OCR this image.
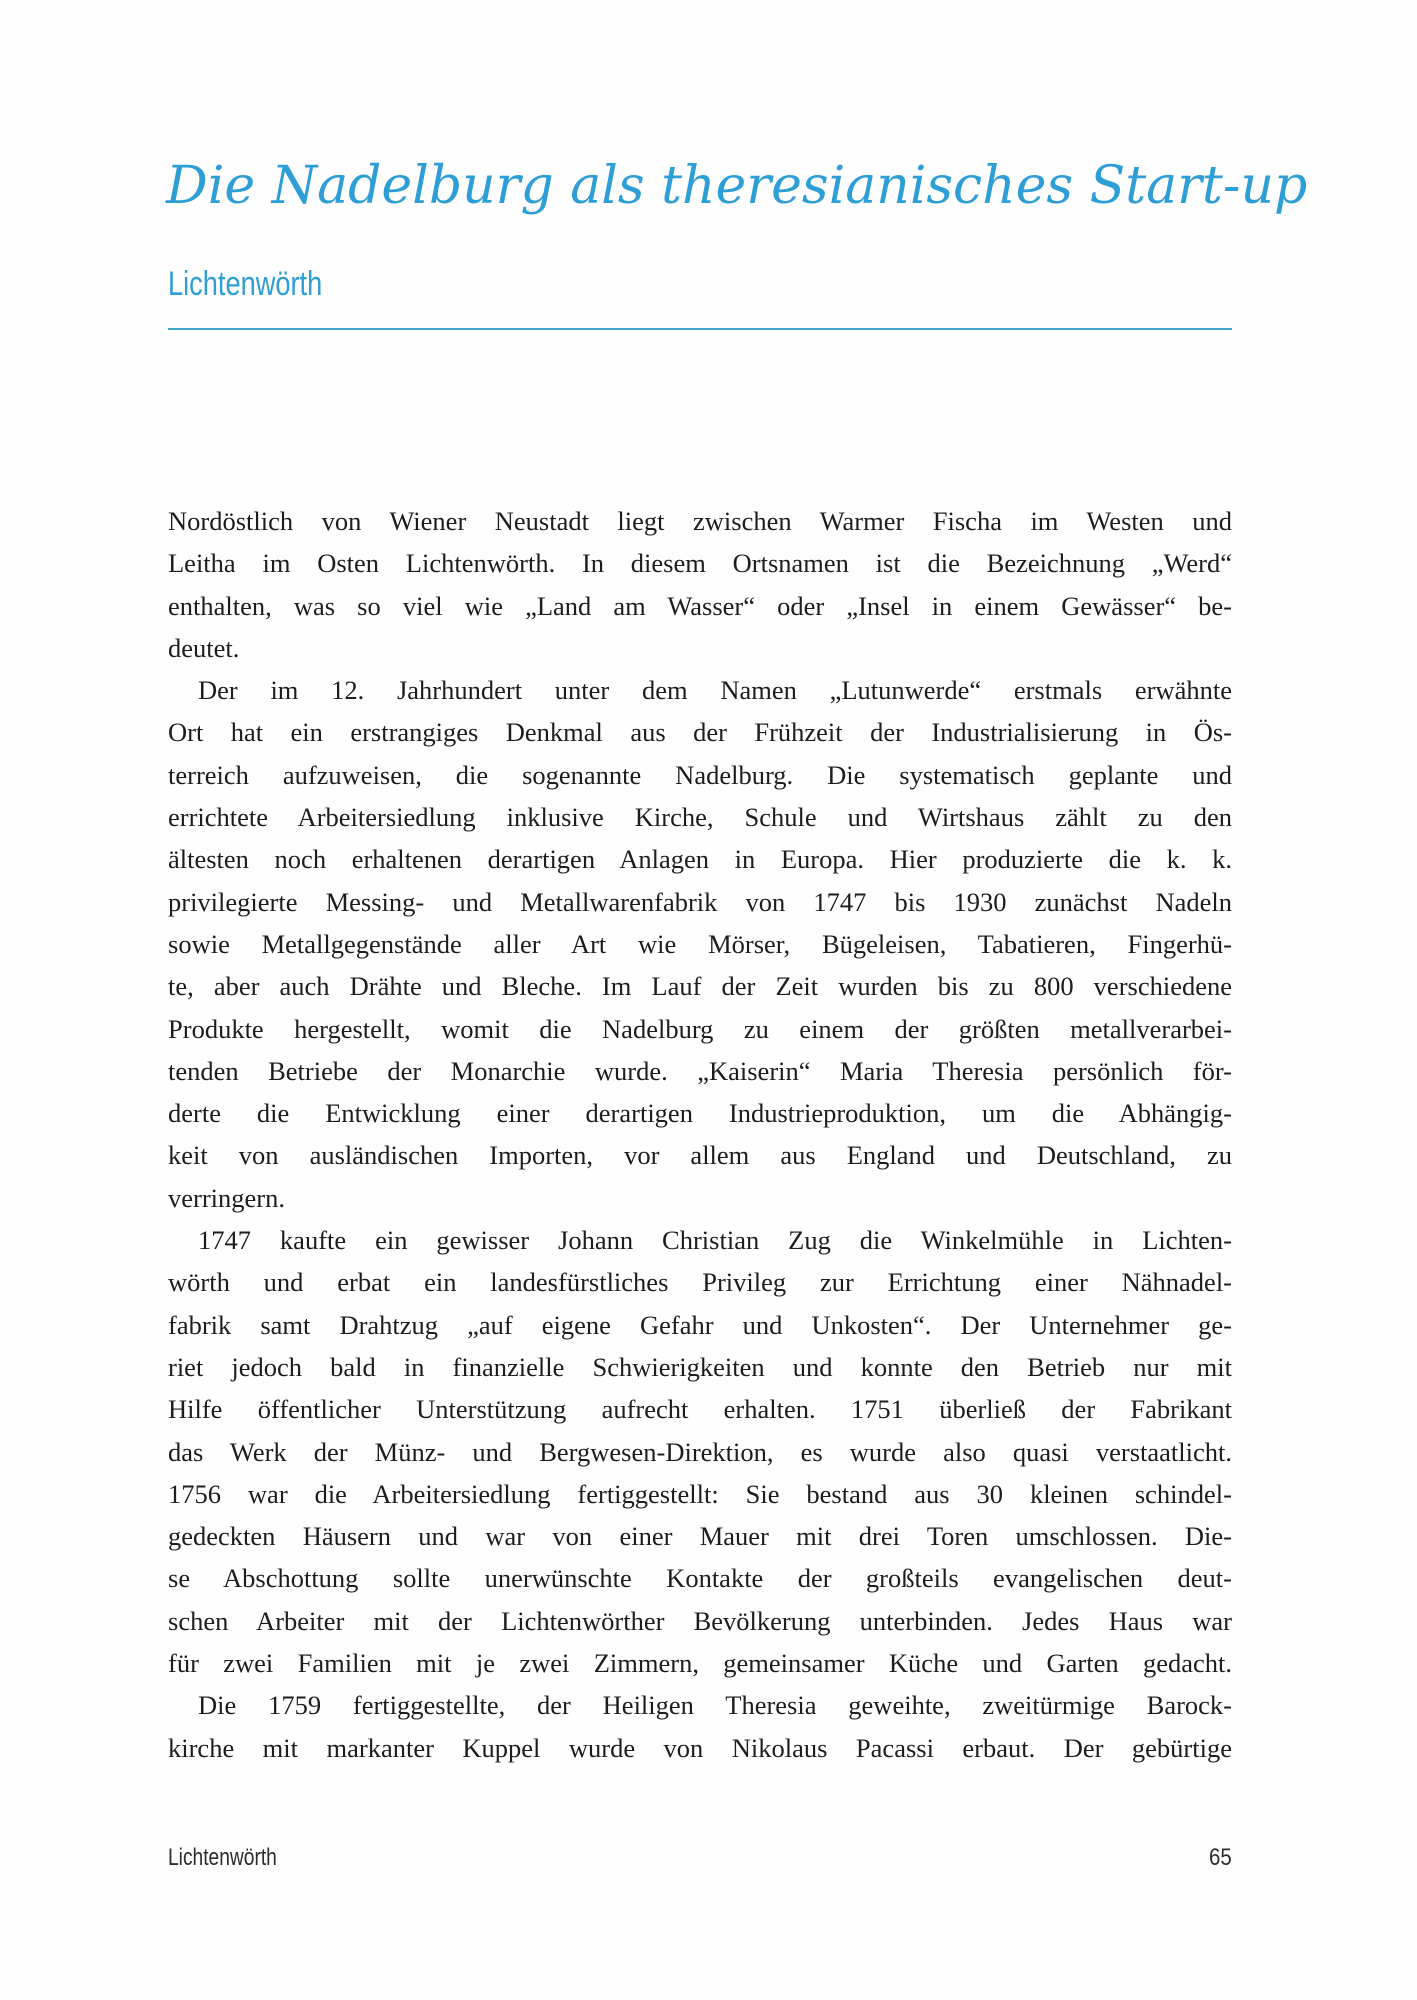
Die Nadelburg als theresianisches Start-up
Lichtenwörth
Nordöstlich von Wiener Neustadt liegt zwischen Warmer Fischa im Westen und
Leitha im Osten Lichtenwörth. In diesem Ortsnamen ist die Bezeichnung „Werd“
enthalten, was so viel wie „Land am Wasser“ oder „Insel in einem Gewässer“ be-
deutet.
Der im 12. Jahrhundert unter dem Namen „Lutunwerde“ erstmals erwähnte
Ort hat ein erstrangiges Denkmal aus der Frühzeit der Industrialisierung in Ös-
terreich aufzuweisen, die sogenannte Nadelburg. Die systematisch geplante und
errichtete Arbeitersiedlung inklusive Kirche, Schule und Wirtshaus zählt zu den
ältesten noch erhaltenen derartigen Anlagen in Europa. Hier produzierte die k. k.
privilegierte Messing- und Metallwarenfabrik von 1747 bis 1930 zunächst Nadeln
sowie Metallgegenstände aller Art wie Mörser, Bügeleisen, Tabatieren, Fingerhü-
te, aber auch Drähte und Bleche. Im Lauf der Zeit wurden bis zu 800 verschiedene
Produkte hergestellt, womit die Nadelburg zu einem der größten metallverarbei-
tenden Betriebe der Monarchie wurde. „Kaiserin“ Maria Theresia persönlich för-
derte die Entwicklung einer derartigen Industrieproduktion, um die Abhängig-
keit von ausländischen Importen, vor allem aus England und Deutschland, zu
verringern.
1747 kaufte ein gewisser Johann Christian Zug die Winkelmühle in Lichten-
wörth und erbat ein landesfürstliches Privileg zur Errichtung einer Nähnadel-
fabrik samt Drahtzug „auf eigene Gefahr und Unkosten“. Der Unternehmer ge-
riet jedoch bald in finanzielle Schwierigkeiten und konnte den Betrieb nur mit
Hilfe öffentlicher Unterstützung aufrecht erhalten. 1751 überließ der Fabrikant
das Werk der Münz- und Bergwesen-Direktion, es wurde also quasi verstaatlicht.
1756 war die Arbeitersiedlung fertiggestellt: Sie bestand aus 30 kleinen schindel-
gedeckten Häusern und war von einer Mauer mit drei Toren umschlossen. Die-
se Abschottung sollte unerwünschte Kontakte der großteils evangelischen deut-
schen Arbeiter mit der Lichtenwörther Bevölkerung unterbinden. Jedes Haus war
für zwei Familien mit je zwei Zimmern, gemeinsamer Küche und Garten gedacht.
Die 1759 fertiggestellte, der Heiligen Theresia geweihte, zweitürmige Barock-
kirche mit markanter Kuppel wurde von Nikolaus Pacassi erbaut. Der gebürtige
Lichtenwörth	65
